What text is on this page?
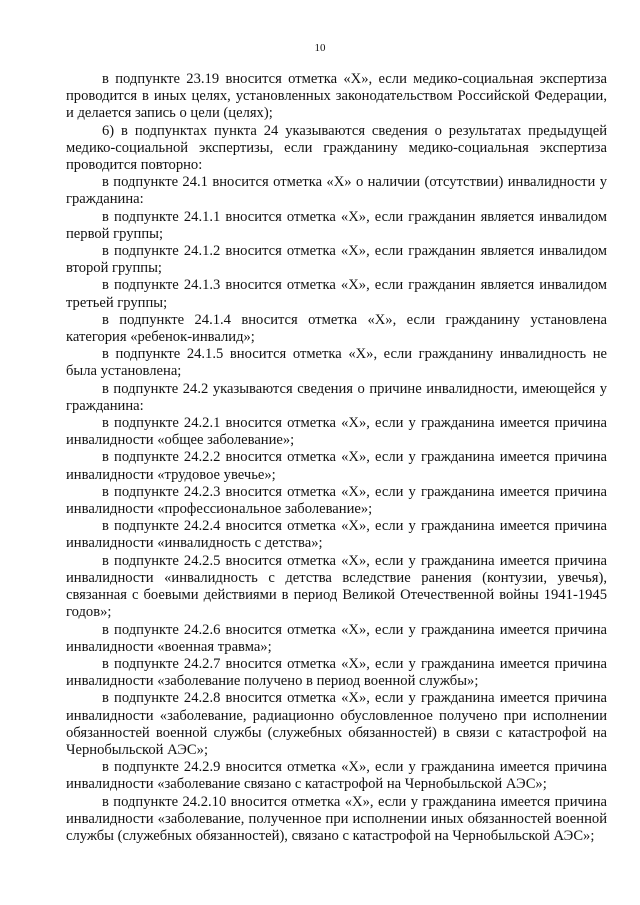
10

в подпункте 23.19 вносится отметка «Х», если медико-социальная экспертиза проводится в иных целях, установленных законодательством Российской Федерации, и делается запись о цели (целях);

6) в подпунктах пункта 24 указываются сведения о результатах предыдущей медико-социальной экспертизы, если гражданину медико-социальная экспертиза проводится повторно:

в подпункте 24.1 вносится отметка «Х» о наличии (отсутствии) инвалидности у гражданина:

в подпункте 24.1.1 вносится отметка «Х», если гражданин является инвалидом первой группы;

в подпункте 24.1.2 вносится отметка «Х», если гражданин является инвалидом второй группы;

в подпункте 24.1.3 вносится отметка «Х», если гражданин является инвалидом третьей группы;

в подпункте 24.1.4 вносится отметка «Х», если гражданину установлена категория «ребенок-инвалид»;

в подпункте 24.1.5 вносится отметка «Х», если гражданину инвалидность не была установлена;

в подпункте 24.2 указываются сведения о причине инвалидности, имеющейся у гражданина:

в подпункте 24.2.1 вносится отметка «Х», если у гражданина имеется причина инвалидности «общее заболевание»;

в подпункте 24.2.2 вносится отметка «Х», если у гражданина имеется причина инвалидности «трудовое увечье»;

в подпункте 24.2.3 вносится отметка «Х», если у гражданина имеется причина инвалидности «профессиональное заболевание»;

в подпункте 24.2.4 вносится отметка «Х», если у гражданина имеется причина инвалидности «инвалидность с детства»;

в подпункте 24.2.5 вносится отметка «Х», если у гражданина имеется причина инвалидности «инвалидность с детства вследствие ранения (контузии, увечья), связанная с боевыми действиями в период Великой Отечественной войны 1941-1945 годов»;

в подпункте 24.2.6 вносится отметка «Х», если у гражданина имеется причина инвалидности «военная травма»;

в подпункте 24.2.7 вносится отметка «Х», если у гражданина имеется причина инвалидности «заболевание получено в период военной службы»;

в подпункте 24.2.8 вносится отметка «Х», если у гражданина имеется причина инвалидности «заболевание, радиационно обусловленное получено при исполнении обязанностей военной службы (служебных обязанностей) в связи с катастрофой на Чернобыльской АЭС»;

в подпункте 24.2.9 вносится отметка «Х», если у гражданина имеется причина инвалидности «заболевание связано с катастрофой на Чернобыльской АЭС»;

в подпункте 24.2.10 вносится отметка «Х», если у гражданина имеется причина инвалидности «заболевание, полученное при исполнении иных обязанностей военной службы (служебных обязанностей), связано с катастрофой на Чернобыльской АЭС»;
